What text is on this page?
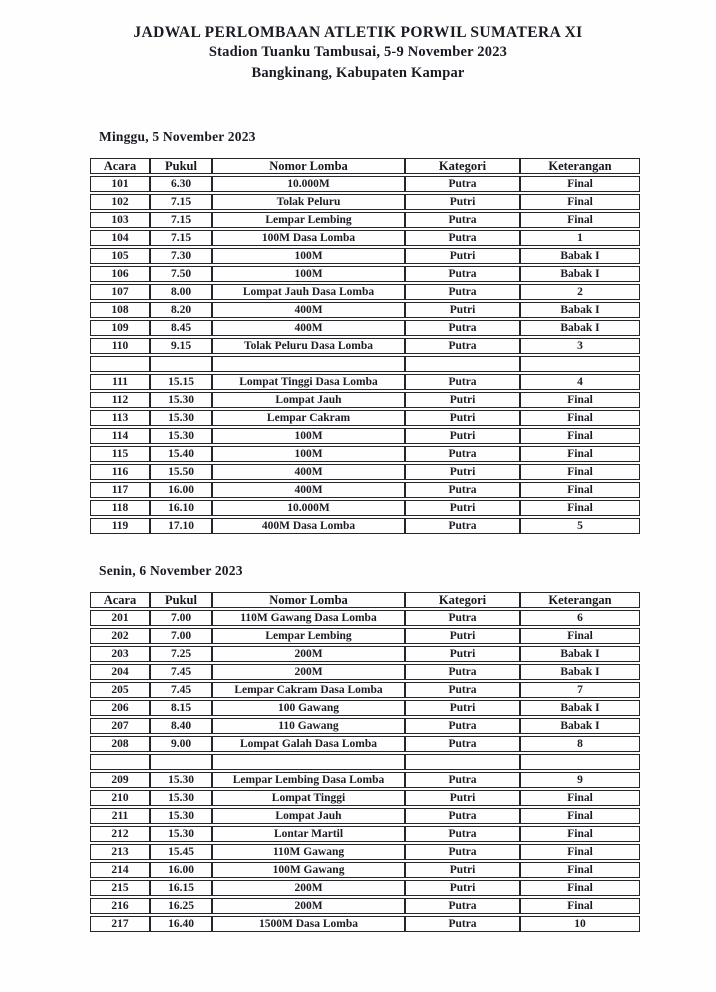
JADWAL PERLOMBAAN ATLETIK PORWIL SUMATERA XI
Stadion Tuanku Tambusai, 5-9 November 2023
Bangkinang, Kabupaten Kampar
Minggu, 5 November 2023
Acara	Pukul	Nomor Lomba	Kategori	Keterangan
101	6.30	10.000M	Putra	Final
102	7.15	Tolak Peluru	Putri	Final
103	7.15	Lempar Lembing	Putra	Final
104	7.15	100M Dasa Lomba	Putra	1
105	7.30	100M	Putri	Babak I
106	7.50	100M	Putra	Babak I
107	8.00	Lompat Jauh Dasa Lomba	Putra	2
108	8.20	400M	Putri	Babak I
109	8.45	400M	Putra	Babak I
110	9.15	Tolak Peluru Dasa Lomba	Putra	3

111	15.15	Lompat Tinggi Dasa Lomba	Putra	4
112	15.30	Lompat Jauh	Putri	Final
113	15.30	Lempar Cakram	Putri	Final
114	15.30	100M	Putri	Final
115	15.40	100M	Putra	Final
116	15.50	400M	Putri	Final
117	16.00	400M	Putra	Final
118	16.10	10.000M	Putri	Final
119	17.10	400M Dasa Lomba	Putra	5
Senin, 6 November 2023
Acara	Pukul	Nomor Lomba	Kategori	Keterangan
201	7.00	110M Gawang Dasa Lomba	Putra	6
202	7.00	Lempar Lembing	Putri	Final
203	7.25	200M	Putri	Babak I
204	7.45	200M	Putra	Babak I
205	7.45	Lempar Cakram Dasa Lomba	Putra	7
206	8.15	100 Gawang	Putri	Babak I
207	8.40	110 Gawang	Putra	Babak I
208	9.00	Lompat Galah Dasa Lomba	Putra	8

209	15.30	Lempar Lembing Dasa Lomba	Putra	9
210	15.30	Lompat Tinggi	Putri	Final
211	15.30	Lompat Jauh	Putra	Final
212	15.30	Lontar Martil	Putra	Final
213	15.45	110M Gawang	Putra	Final
214	16.00	100M Gawang	Putri	Final
215	16.15	200M	Putri	Final
216	16.25	200M	Putra	Final
217	16.40	1500M Dasa Lomba	Putra	10
